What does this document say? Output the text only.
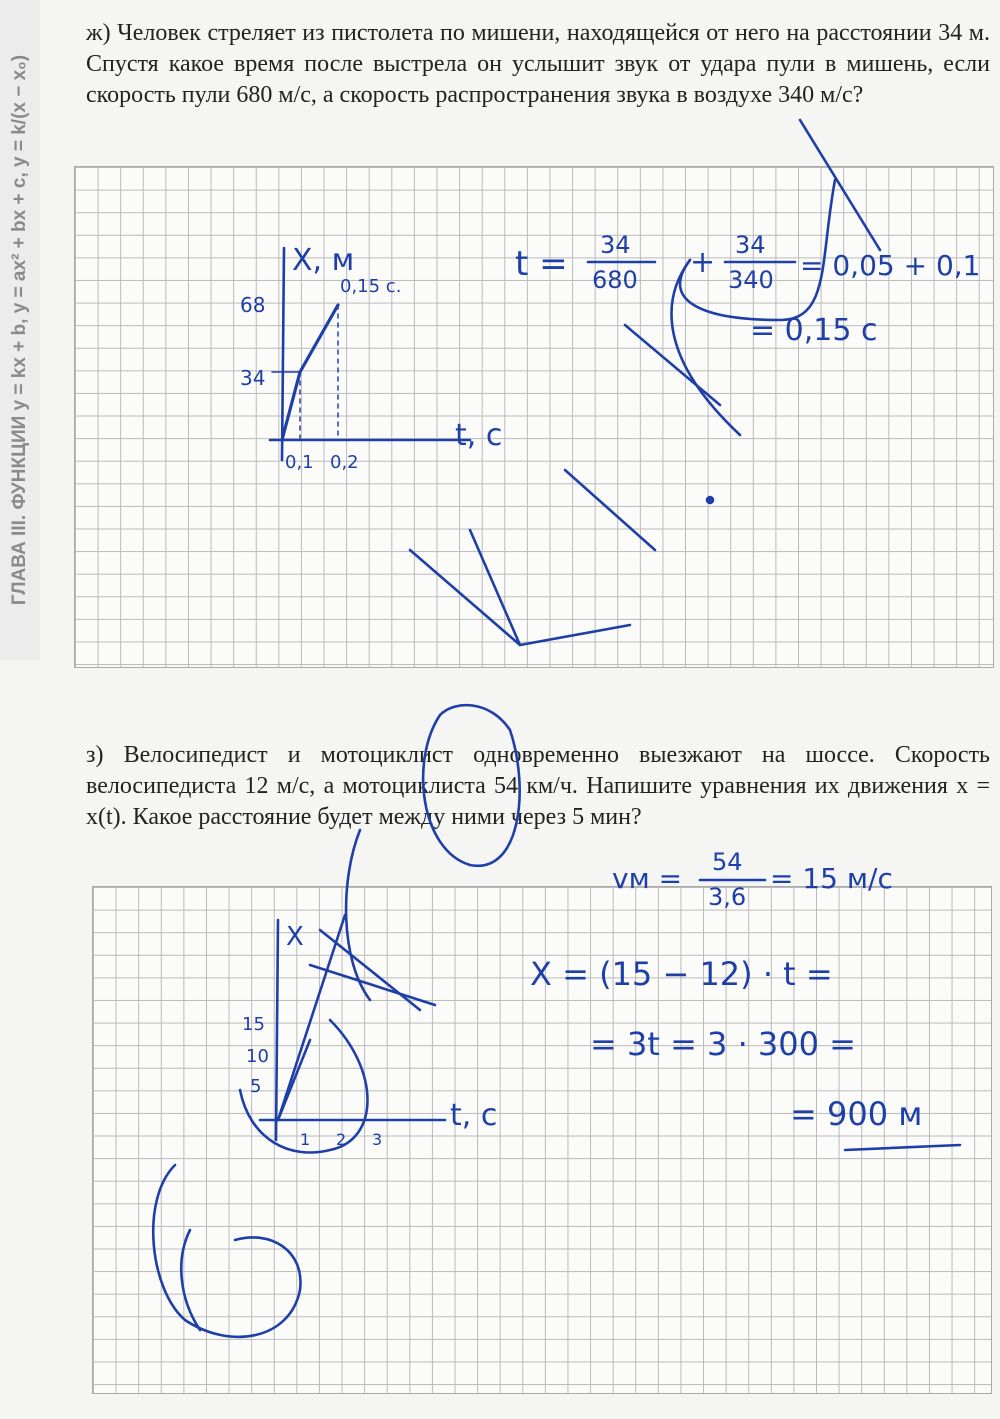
ГЛАВА III. ФУНКЦИИ y = kx + b, y = ax² + bx + c, y = k/(x − x₀)
ж) Человек стреляет из пистолета по мишени, находящейся от него на расстоянии 34 м. Спустя какое время после выстрела он услышит звук от удара пули в мишень, если скорость пули 680 м/с, а скорость распространения звука в воздухе 340 м/с?
з) Велосипедист и мотоциклист одновременно выезжают на шоссе. Скорость велосипедиста 12 м/с, а мотоциклиста 54 км/ч. Напишите уравнения их движения x = x(t). Какое расстояние будет между ними через 5 мин?
X, м
t, c
68
34
0,1 0,2
0,15 c.
t = 34
680 + 34
340 = 0,05 + 0,1
= 0,15 c
X
t, c
15
10
5
1 2 3
vм = 54
3,6
= 15 м/c
X = (15 − 12) · t =
= 3t = 3 · 300 =
= 900 м
